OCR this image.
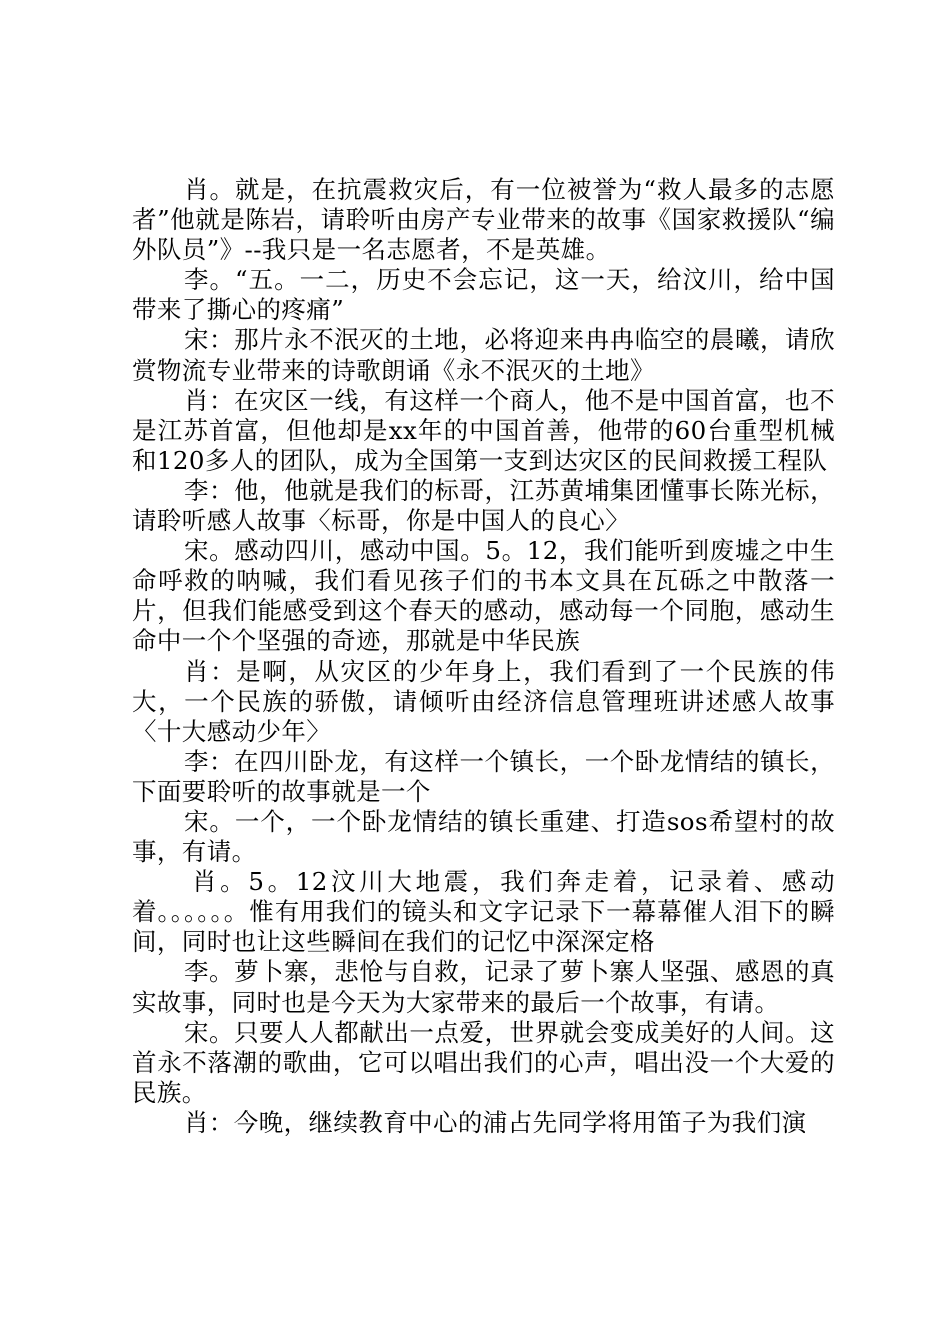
肖。就是，在抗震救灾后，有一位被誉为“救人最多的志愿者”他就是陈岩，请聆听由房产专业带来的故事《国家救援队“编外队员”》--我只是一名志愿者，不是英雄。

李。“五。一二，历史不会忘记，这一天，给汶川，给中国带来了撕心的疼痛”

宋：那片永不泯灭的土地，必将迎来冉冉临空的晨曦，请欣赏物流专业带来的诗歌朗诵《永不泯灭的土地》

肖：在灾区一线，有这样一个商人，他不是中国首富，也不是江苏首富，但他却是xx年的中国首善，他带的60台重型机械和120多人的团队，成为全国第一支到达灾区的民间救援工程队

李：他，他就是我们的标哥，江苏黄埔集团懂事长陈光标，请聆听感人故事〈标哥，你是中国人的良心〉

宋。感动四川，感动中国。5。12，我们能听到废墟之中生命呼救的呐喊，我们看见孩子们的书本文具在瓦砾之中散落一片，但我们能感受到这个春天的感动，感动每一个同胞，感动生命中一个个坚强的奇迹，那就是中华民族

肖：是啊，从灾区的少年身上，我们看到了一个民族的伟大，一个民族的骄傲，请倾听由经济信息管理班讲述感人故事〈十大感动少年〉

李：在四川卧龙，有这样一个镇长，一个卧龙情结的镇长，下面要聆听的故事就是一个

宋。一个，一个卧龙情结的镇长重建、打造sos希望村的故事，有请。

肖。5。12汶川大地震，我们奔走着，记录着、感动着。。。。。。惟有用我们的镜头和文字记录下一幕幕催人泪下的瞬间，同时也让这些瞬间在我们的记忆中深深定格

李。萝卜寨，悲怆与自救，记录了萝卜寨人坚强、感恩的真实故事，同时也是今天为大家带来的最后一个故事，有请。

宋。只要人人都献出一点爱，世界就会变成美好的人间。这首永不落潮的歌曲，它可以唱出我们的心声，唱出没一个大爱的民族。

肖：今晚，继续教育中心的浦占先同学将用笛子为我们演
